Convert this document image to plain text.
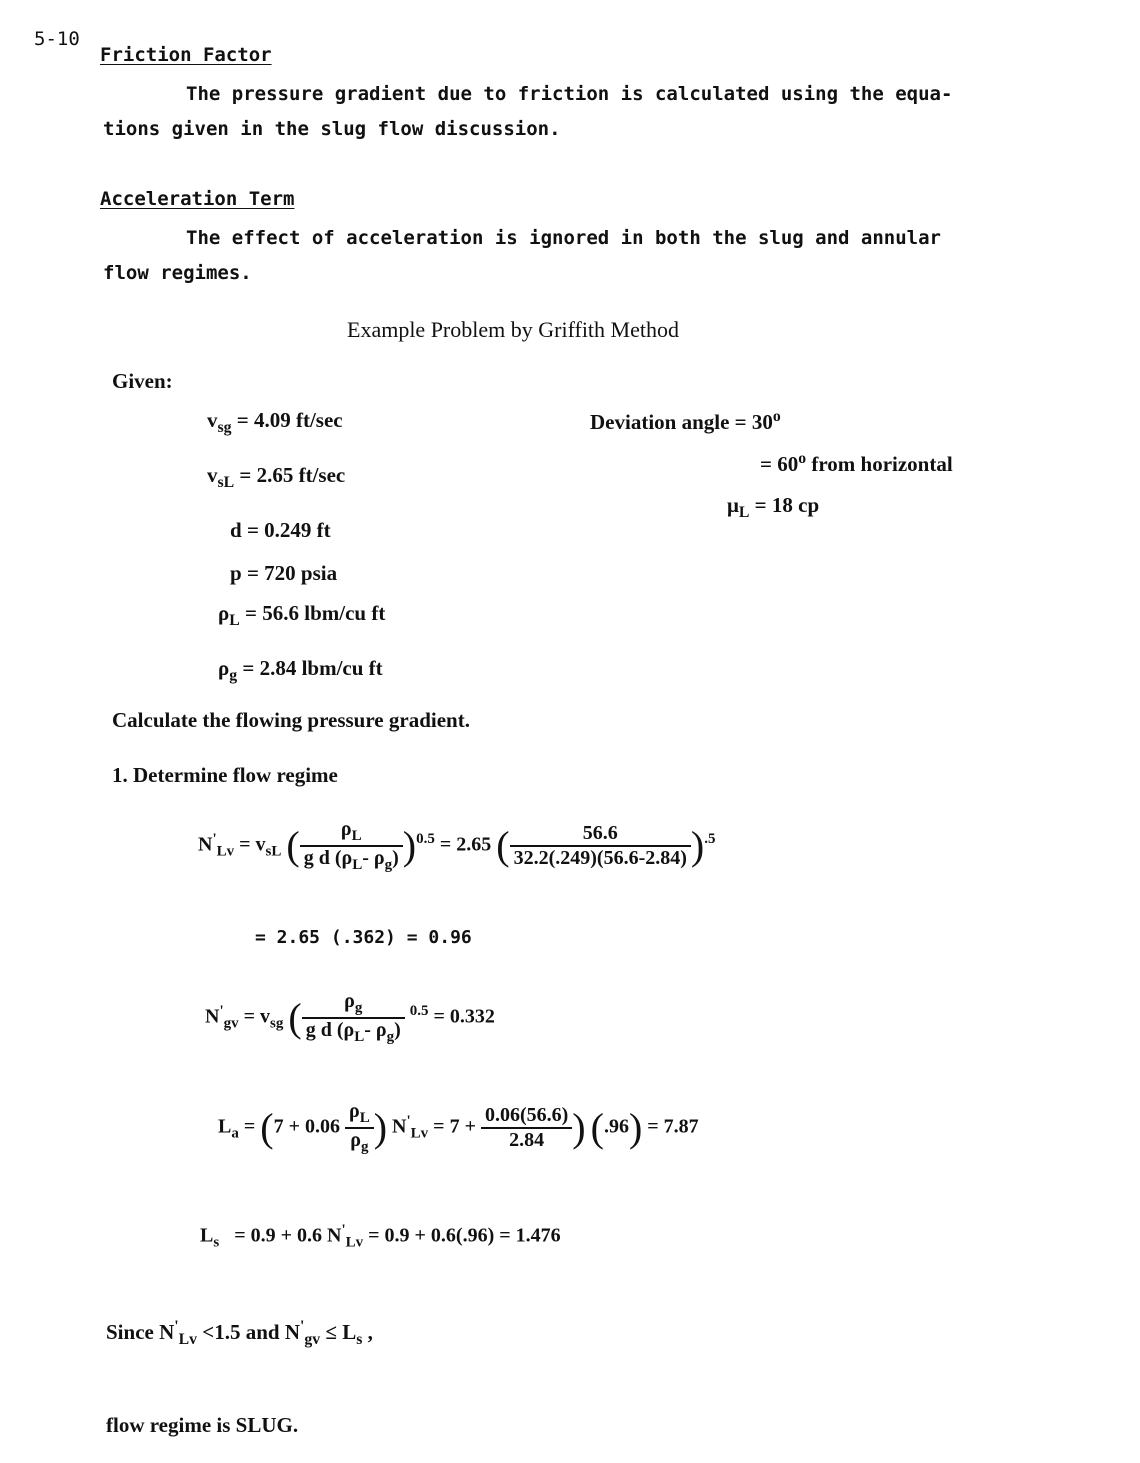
5-10
Friction Factor
The pressure gradient due to friction is calculated using the equa-
tions given in the slug flow discussion.
Acceleration Term
The effect of acceleration is ignored in both the slug and annular
flow regimes.
Example Problem by Griffith Method
Given:
$v_{sg} = 4.09$ ft/sec
$v_{sL} = 2.65$ ft/sec
d = 0.249 ft
p = 720 psia
$\rho_L = 56.6$ lbm/cu ft
$\rho_g = 2.84$ lbm/cu ft
Deviation angle = $30^o$
= $60^o$ from horizontal
$\mu_L = 18$ cp
Calculate the flowing pressure gradient.
1. Determine flow regime
$N'_{Lv} = v_{sL}$ ( $\frac{\rho_L}{g d (\rho_L- \rho_g)} )^{0.5} = 2.65$ ( $\frac{56.6}{32.2(.249)(56.6-2.84)} )^{.5}$
= 2.65 (.362) = 0.96
$N'_{gv} = v_{sg}$ ( $\frac{\rho_g}{g d (\rho_L- \rho_g)} ^{0.5} = 0.332$
$L_a = (7 + 0.06 \frac{\rho_L}{\rho_g}$ ) $N'_{Lv} = 7 + \frac{0.06(56.6)}{2.84}$ ) (.96) = 7.87
$L_s = 0.9 + 0.6$ $N'_{Lv} = 0.9 + 0.6(.96) = 1.476$
Since $N'_{Lv} <1.5$ and $N'_{gv} \le L_s$ ,
flow regime is SLUG.
